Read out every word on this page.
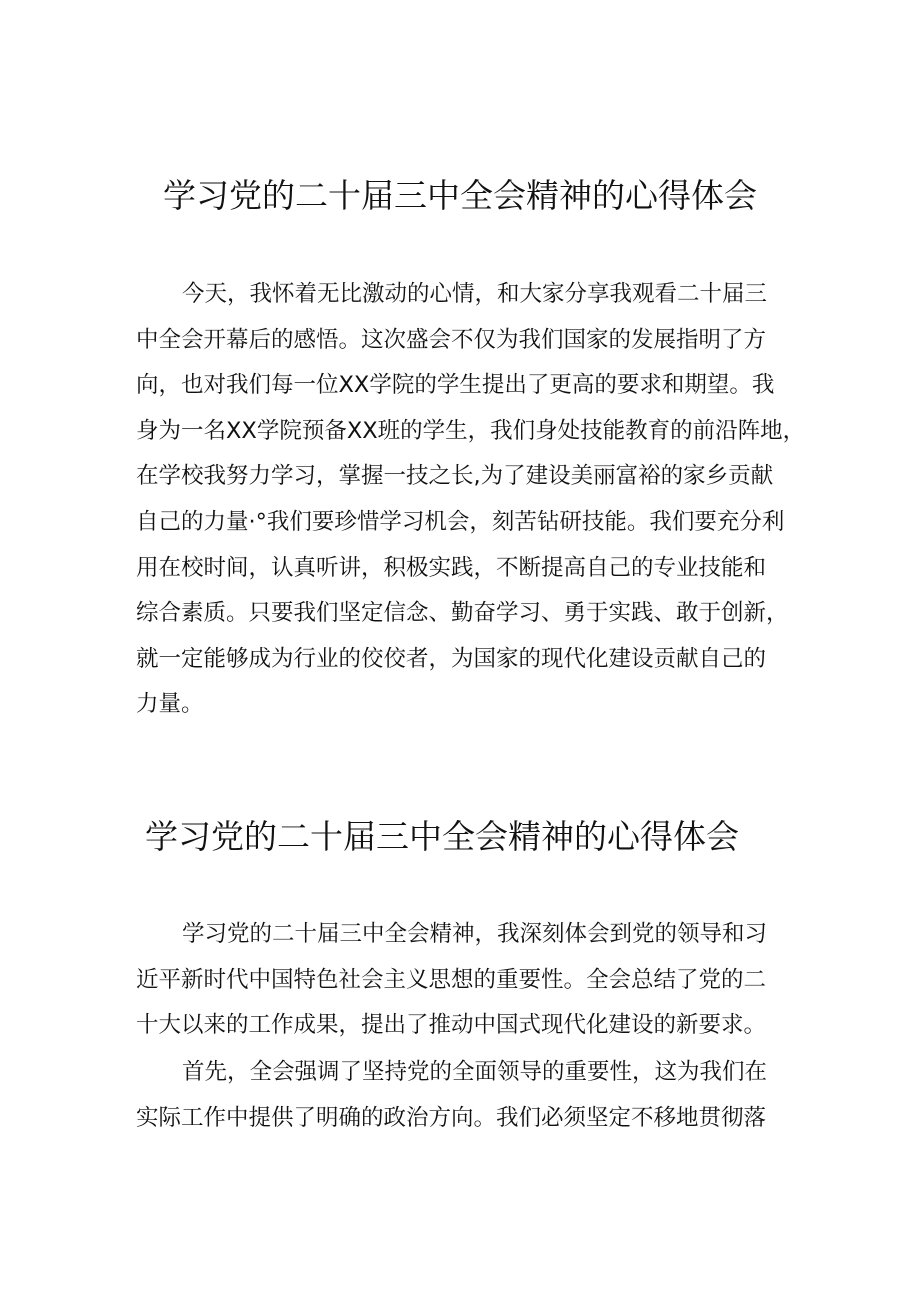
学习党的二十届三中全会精神的心得体会
今天，我怀着无比激动的心情，和大家分享我观看二十届三
中全会开幕后的感悟。这次盛会不仅为我们国家的发展指明了方
向，也对我们每一位XX学院的学生提出了更高的要求和期望。我
身为一名XX学院预备XX班的学生，我们身处技能教育的前沿阵地，
在学校我努力学习，掌握一技之长,为了建设美丽富裕的家乡贡献
自己的力量·°我们要珍惜学习机会，刻苦钻研技能。我们要充分利
用在校时间，认真听讲，积极实践，不断提高自己的专业技能和
综合素质。只要我们坚定信念、勤奋学习、勇于实践、敢于创新，
就一定能够成为行业的佼佼者，为国家的现代化建设贡献自己的
力量。
学习党的二十届三中全会精神的心得体会
学习党的二十届三中全会精神，我深刻体会到党的领导和习
近平新时代中国特色社会主义思想的重要性。全会总结了党的二
十大以来的工作成果，提出了推动中国式现代化建设的新要求。
首先，全会强调了坚持党的全面领导的重要性，这为我们在
实际工作中提供了明确的政治方向。我们必须坚定不移地贯彻落
